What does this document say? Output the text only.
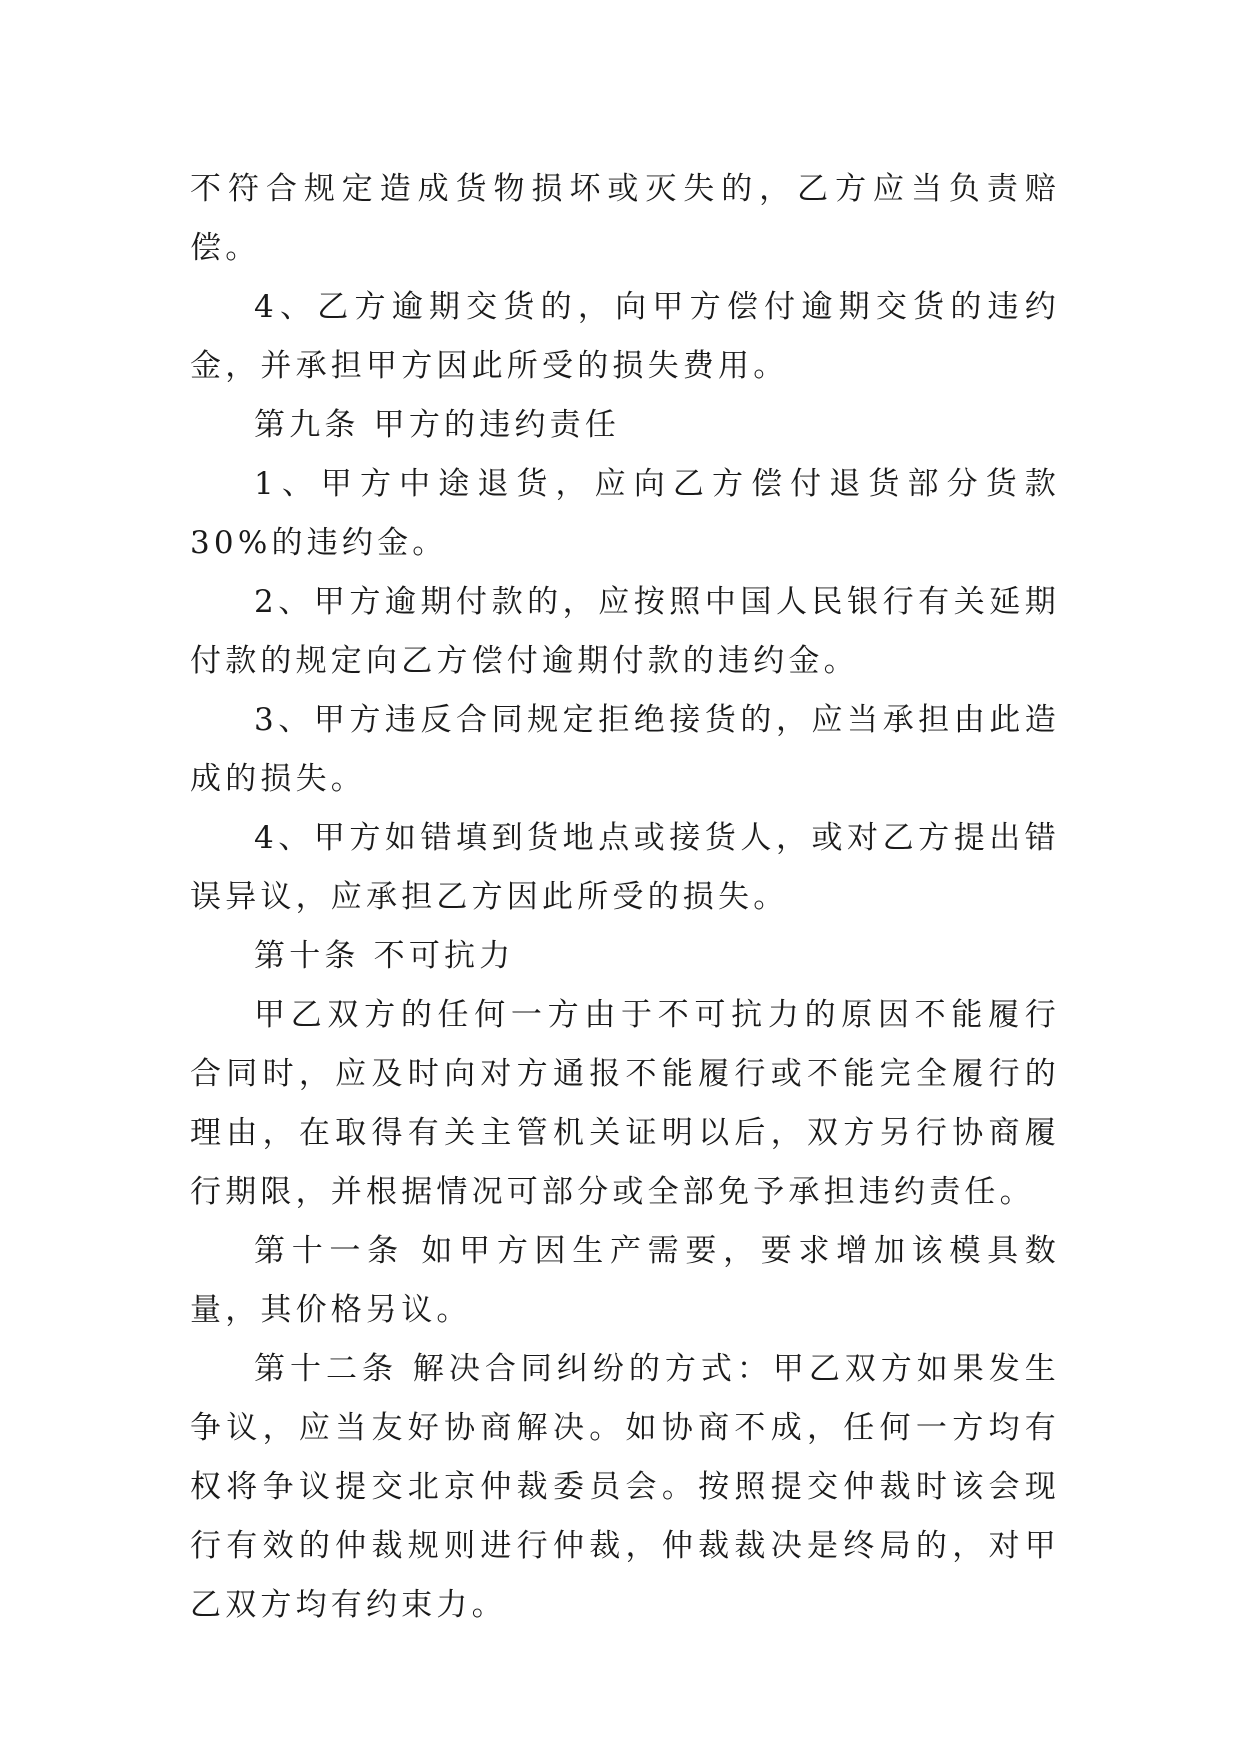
不符合规定造成货物损坏或灭失的，乙方应当负责赔偿。

4、乙方逾期交货的，向甲方偿付逾期交货的违约金，并承担甲方因此所受的损失费用。

第九条 甲方的违约责任

1、甲方中途退货，应向乙方偿付退货部分货款 30%的违约金。

2、甲方逾期付款的，应按照中国人民银行有关延期付款的规定向乙方偿付逾期付款的违约金。

3、甲方违反合同规定拒绝接货的，应当承担由此造成的损失。

4、甲方如错填到货地点或接货人，或对乙方提出错误异议，应承担乙方因此所受的损失。

第十条 不可抗力

甲乙双方的任何一方由于不可抗力的原因不能履行合同时，应及时向对方通报不能履行或不能完全履行的理由，在取得有关主管机关证明以后，双方另行协商履行期限，并根据情况可部分或全部免予承担违约责任。

第十一条 如甲方因生产需要，要求增加该模具数量，其价格另议。

第十二条 解决合同纠纷的方式：甲乙双方如果发生争议，应当友好协商解决。如协商不成，任何一方均有权将争议提交北京仲裁委员会。按照提交仲裁时该会现行有效的仲裁规则进行仲裁，仲裁裁决是终局的，对甲乙双方均有约束力。
